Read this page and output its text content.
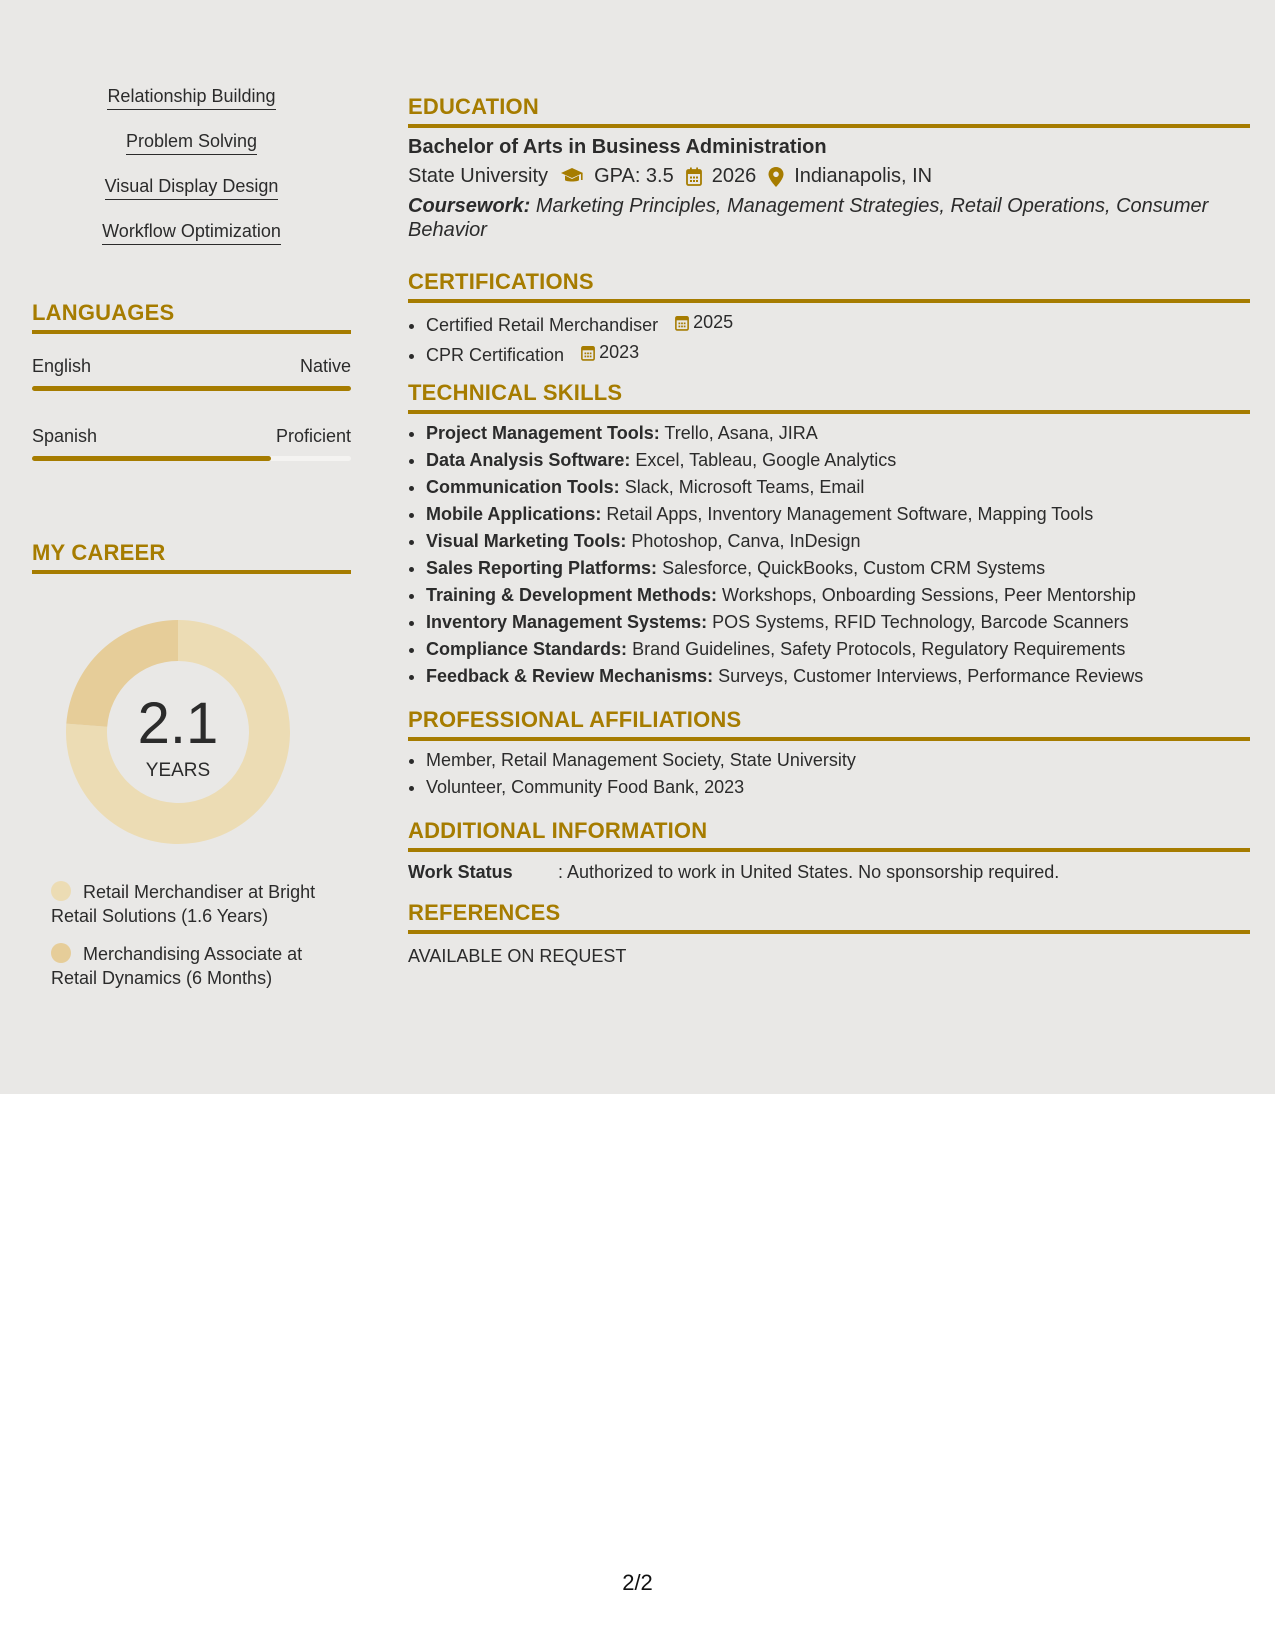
Relationship Building
Problem Solving
Visual Display Design
Workflow Optimization
LANGUAGES
English	Native
Spanish	Proficient
MY CAREER
2.1
YEARS
Retail Merchandiser at Bright Retail Solutions (1.6 Years)
Merchandising Associate at Retail Dynamics (6 Months)
EDUCATION
Bachelor of Arts in Business Administration
State University GPA: 3.5 2026 Indianapolis, IN
Coursework: Marketing Principles, Management Strategies, Retail Operations, Consumer Behavior
CERTIFICATIONS
• Certified Retail Merchandiser 2025
• CPR Certification 2023
TECHNICAL SKILLS
• Project Management Tools: Trello, Asana, JIRA
• Data Analysis Software: Excel, Tableau, Google Analytics
• Communication Tools: Slack, Microsoft Teams, Email
• Mobile Applications: Retail Apps, Inventory Management Software, Mapping Tools
• Visual Marketing Tools: Photoshop, Canva, InDesign
• Sales Reporting Platforms: Salesforce, QuickBooks, Custom CRM Systems
• Training & Development Methods: Workshops, Onboarding Sessions, Peer Mentorship
• Inventory Management Systems: POS Systems, RFID Technology, Barcode Scanners
• Compliance Standards: Brand Guidelines, Safety Protocols, Regulatory Requirements
• Feedback & Review Mechanisms: Surveys, Customer Interviews, Performance Reviews
PROFESSIONAL AFFILIATIONS
• Member, Retail Management Society, State University
• Volunteer, Community Food Bank, 2023
ADDITIONAL INFORMATION
Work Status	: Authorized to work in United States. No sponsorship required.
REFERENCES
AVAILABLE ON REQUEST
2/2
